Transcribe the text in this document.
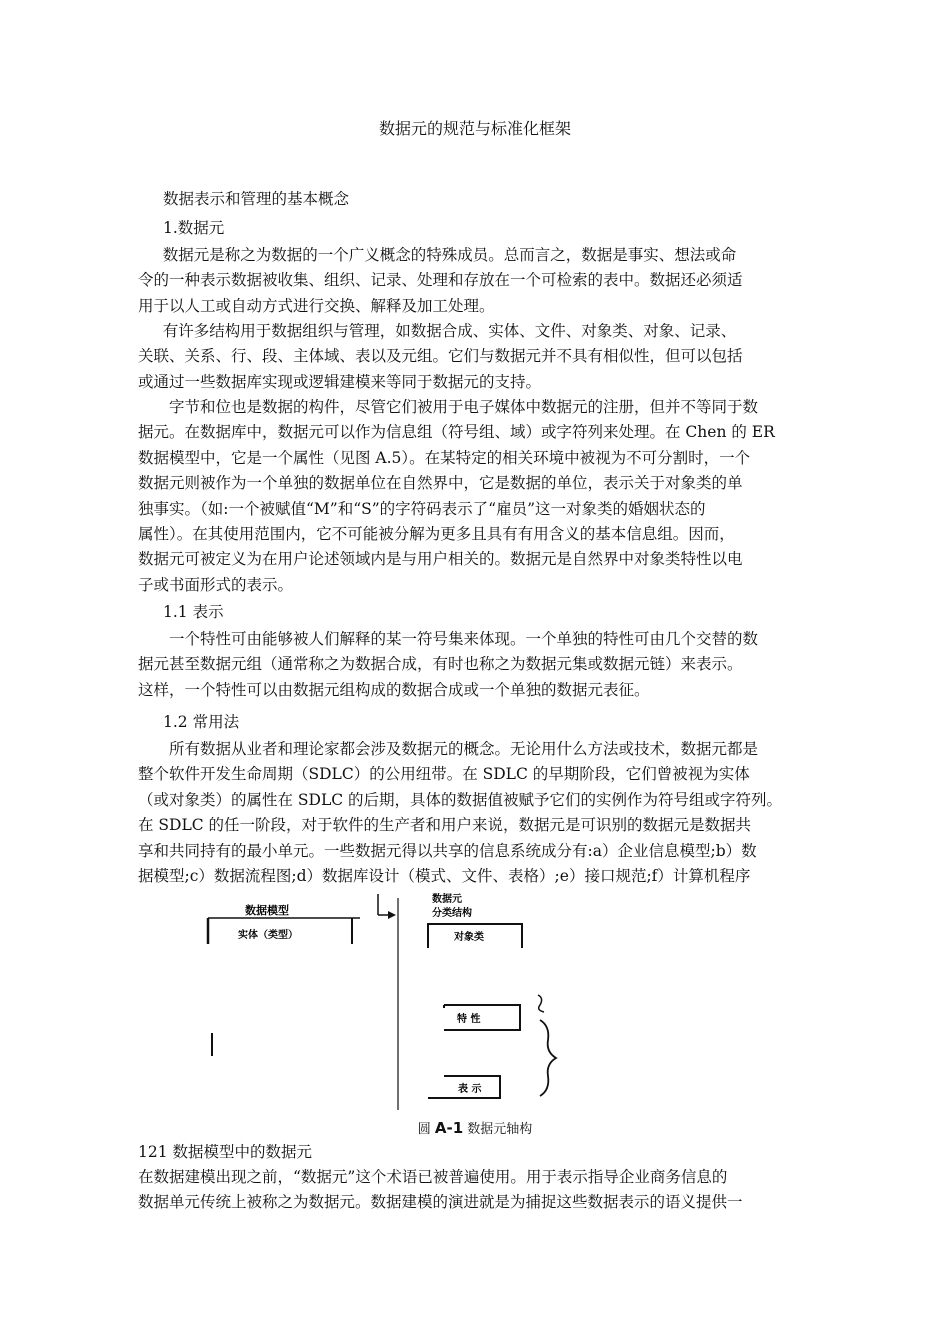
数据元的规范与标准化框架
数据表示和管理的基本概念
1.数据元
数据元是称之为数据的一个广义概念的特殊成员。总而言之，数据是事实、想法或命
令的一种表示数据被收集、组织、记录、处理和存放在一个可检索的表中。数据还必须适
用于以人工或自动方式进行交换、解释及加工处理。
有许多结构用于数据组织与管理，如数据合成、实体、文件、对象类、对象、记录、
关联、关系、行、段、主体域、表以及元组。它们与数据元并不具有相似性，但可以包括
或通过一些数据库实现或逻辑建模来等同于数据元的支持。
字节和位也是数据的构件，尽管它们被用于电子媒体中数据元的注册，但并不等同于数
据元。在数据库中，数据元可以作为信息组（符号组、域）或字符列来处理。在 Chen 的 ER
数据模型中，它是一个属性（见图 A.5）。在某特定的相关环境中被视为不可分割时，一个
数据元则被作为一个单独的数据单位在自然界中，它是数据的单位，表示关于对象类的单
独事实。（如:一个被赋值“M”和“S”的字符码表示了“雇员”这一对象类的婚姻状态的
属性）。在其使用范围内，它不可能被分解为更多且具有有用含义的基本信息组。因而，
数据元可被定义为在用户论述领域内是与用户相关的。数据元是自然界中对象类特性以电
子或书面形式的表示。
1.1 表示
一个特性可由能够被人们解释的某一符号集来体现。一个单独的特性可由几个交替的数
据元甚至数据元组（通常称之为数据合成，有时也称之为数据元集或数据元链）来表示。
这样，一个特性可以由数据元组构成的数据合成或一个单独的数据元表征。
1.2 常用法
所有数据从业者和理论家都会涉及数据元的概念。无论用什么方法或技术，数据元都是
整个软件开发生命周期（SDLC）的公用纽带。在 SDLC 的早期阶段，它们曾被视为实体
（或对象类）的属性在 SDLC 的后期，具体的数据值被赋予它们的实例作为符号组或字符列。
在 SDLC 的任一阶段，对于软件的生产者和用户来说，数据元是可识别的数据元是数据共
享和共同持有的最小单元。一些数据元得以共享的信息系统成分有:a）企业信息模型;b）数
据模型;c）数据流程图;d）数据库设计（模式、文件、表格）;e）接口规范;f）计算机程序
数据模型
实体（类型）
数据元
分类结构
对象类
特 性
表 示
圆 A-1 数据元轴构
121 数据模型中的数据元
在数据建模出现之前，“数据元”这个术语已被普遍使用。用于表示指导企业商务信息的
数据单元传统上被称之为数据元。数据建模的演进就是为捕捉这些数据表示的语义提供一
